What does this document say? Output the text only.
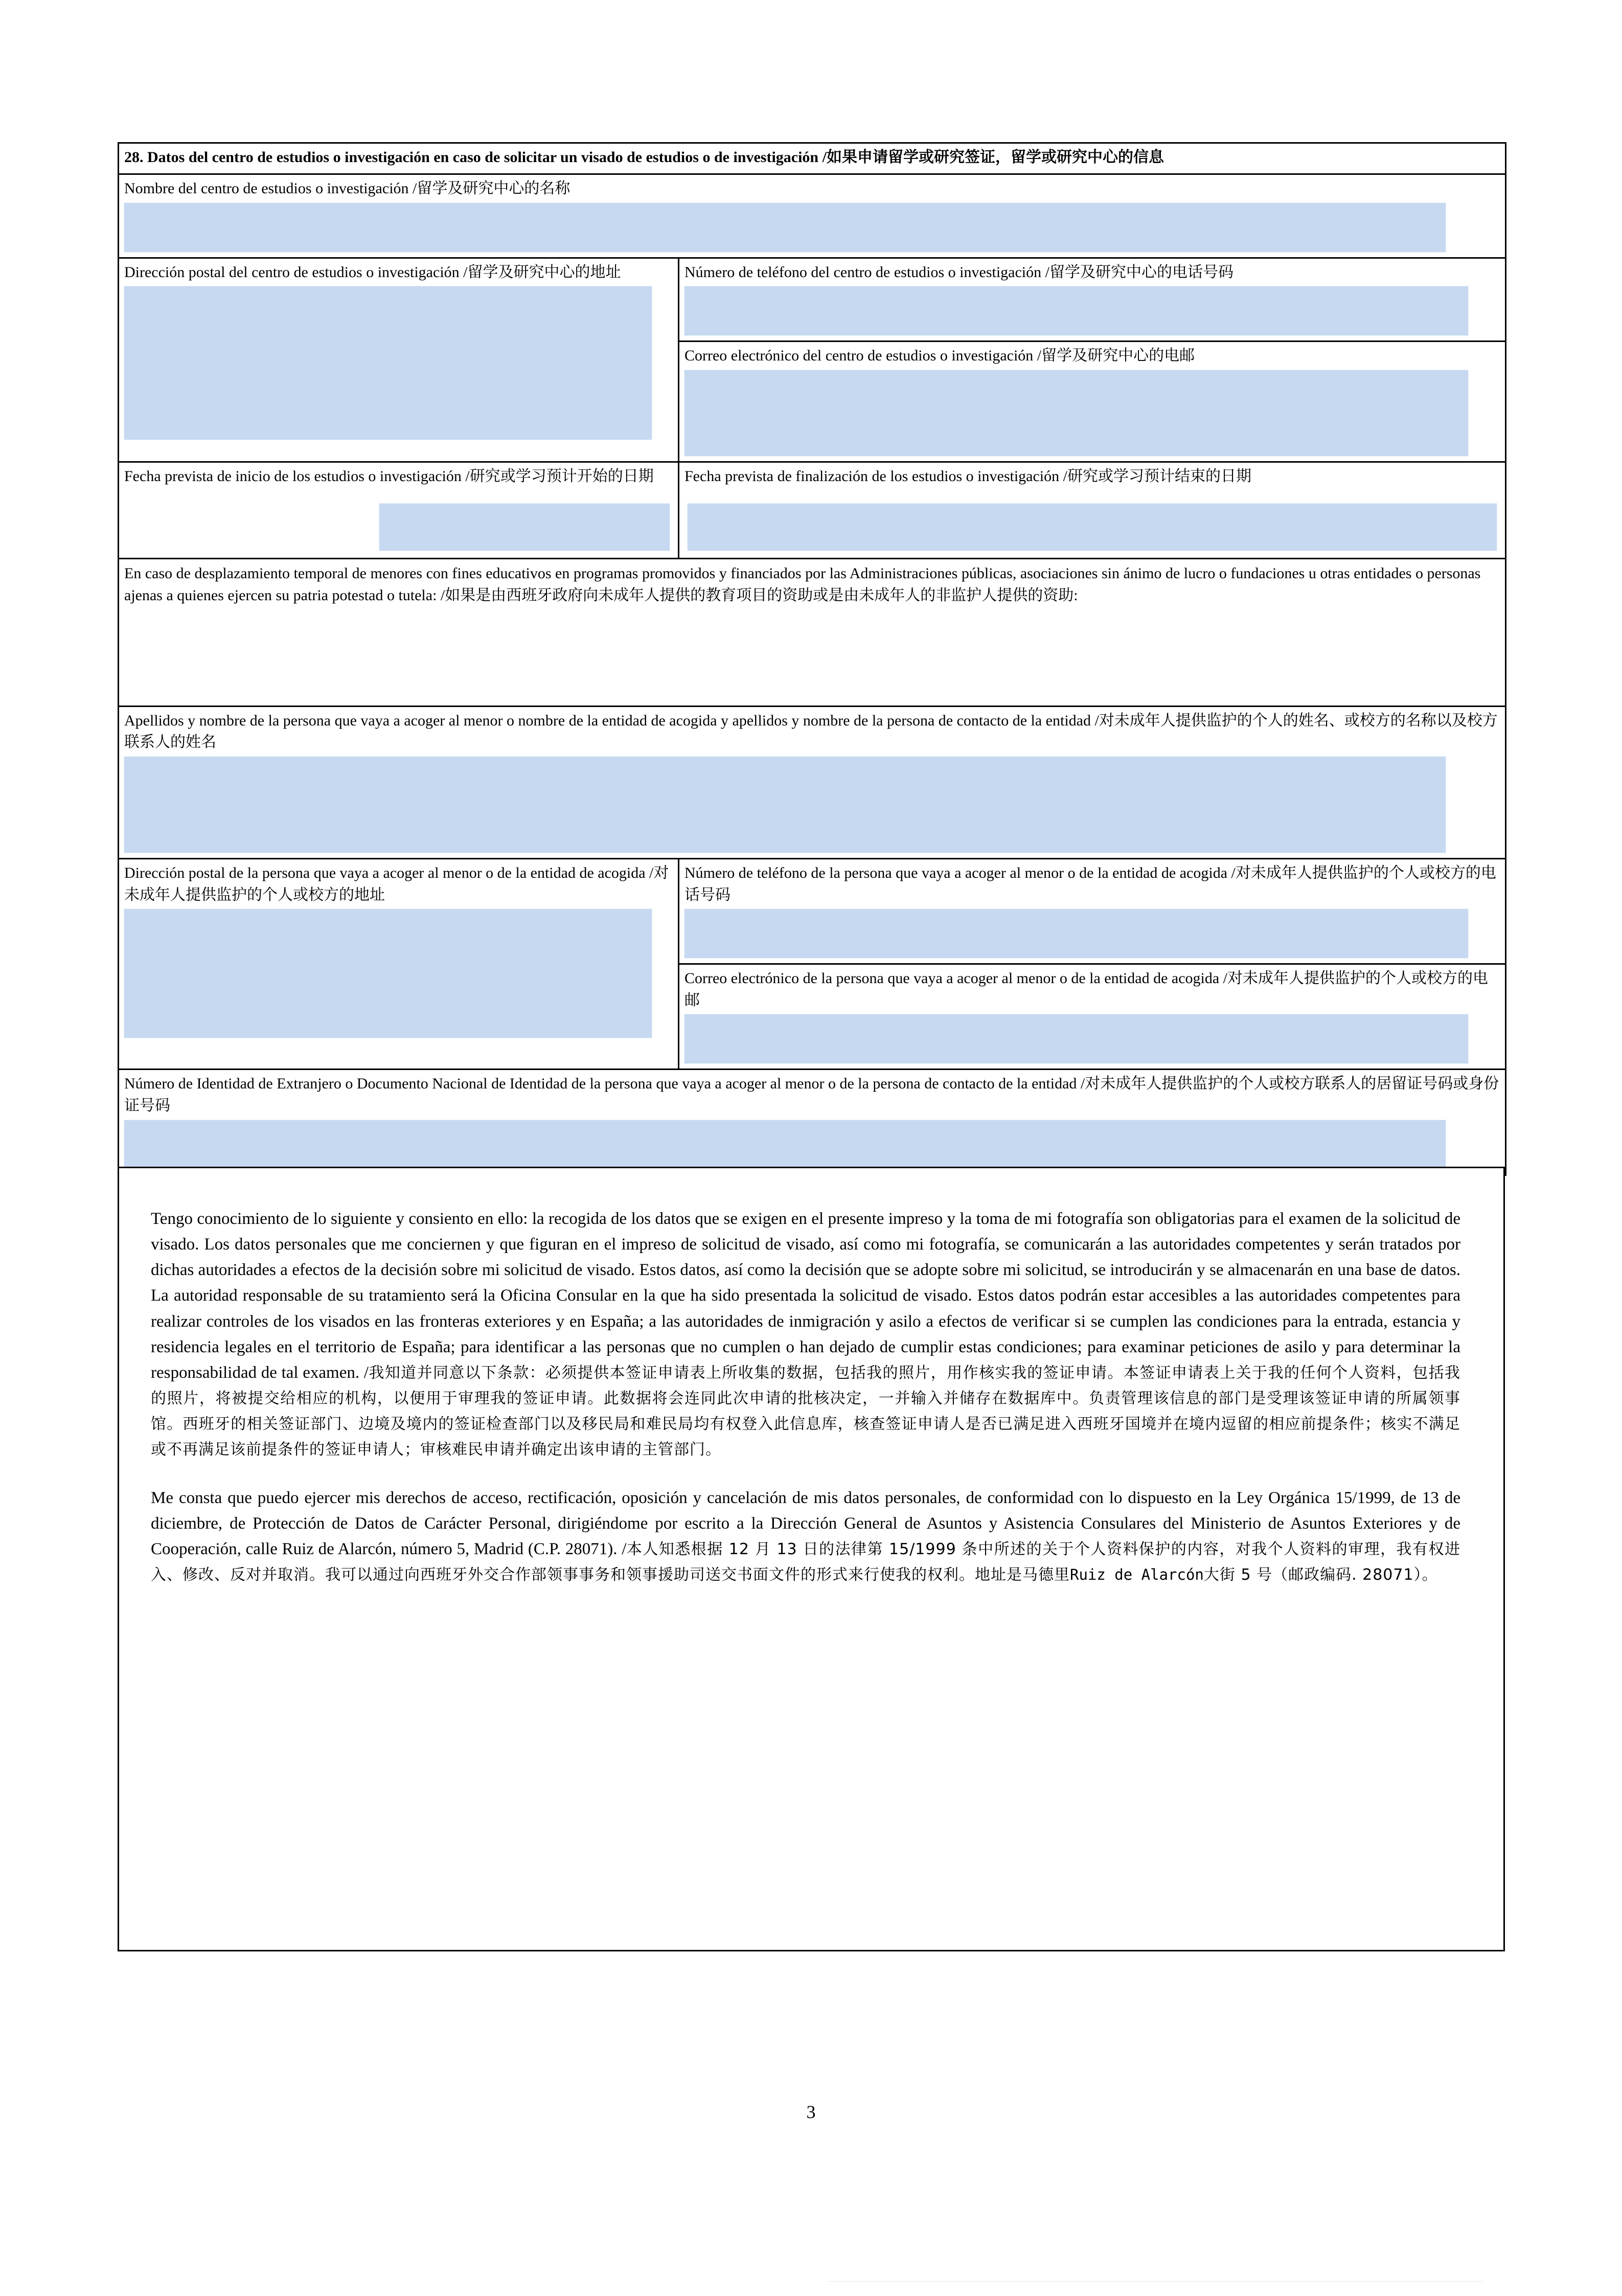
28. Datos del centro de estudios o investigación en caso de solicitar un visado de estudios o de investigación /如果申请留学或研究签证，留学或研究中心的信息	

Nombre del centro de estudios o investigación /留学及研究中心的名称	

Dirección postal del centro de estudios o investigación /留学及研究中心的地址	Número de teléfono del centro de estudios o investigación /留学及研究中心的电话号码

	Correo electrónico del centro de estudios o investigación /留学及研究中心的电邮

Fecha prevista de inicio de los estudios o investigación /研究或学习预计开始的日期	Fecha prevista de finalización de los estudios o investigación /研究或学习预计结束的日期

En caso de desplazamiento temporal de menores con fines educativos en programas promovidos y financiados por las Administraciones públicas, asociaciones sin ánimo de lucro o fundaciones u otras entidades o personas ajenas a quienes ejercen su patria potestad o tutela: /如果是由西班牙政府向未成年人提供的教育项目的资助或是由未成年人的非监护人提供的资助:	

Apellidos y nombre de la persona que vaya a acoger al menor o nombre de la entidad de acogida y apellidos y nombre de la persona de contacto de la entidad /对未成年人提供监护的个人的姓名、或校方的名称以及校方联系人的姓名	

Dirección postal de la persona que vaya a acoger al menor o de la entidad de acogida /对未成年人提供监护的个人或校方的地址	Número de teléfono de la persona que vaya a acoger al menor o de la entidad de acogida /对未成年人提供监护的个人或校方的电话号码

	Correo electrónico de la persona que vaya a acoger al menor o de la entidad de acogida /对未成年人提供监护的个人或校方的电邮

Número de Identidad de Extranjero o Documento Nacional de Identidad de la persona que vaya a acoger al menor o de la persona de contacto de la entidad /对未成年人提供监护的个人或校方联系人的居留证号码或身份证号码	

Tengo conocimiento de lo siguiente y consiento en ello: la recogida de los datos que se exigen en el presente impreso y la toma de mi fotografía son obligatorias para el examen de la solicitud de visado. Los datos personales que me conciernen y que figuran en el impreso de solicitud de visado, así como mi fotografía, se comunicarán a las autoridades competentes y serán tratados por dichas autoridades a efectos de la decisión sobre mi solicitud de visado. Estos datos, así como la decisión que se adopte sobre mi solicitud, se introducirán y se almacenarán en una base de datos. La autoridad responsable de su tratamiento será la Oficina Consular en la que ha sido presentada la solicitud de visado. Estos datos podrán estar accesibles a las autoridades competentes para realizar controles de los visados en las fronteras exteriores y en España; a las autoridades de inmigración y asilo a efectos de verificar si se cumplen las condiciones para la entrada, estancia y residencia legales en el territorio de España; para identificar a las personas que no cumplen o han dejado de cumplir estas condiciones; para examinar peticiones de asilo y para determinar la responsabilidad de tal examen. /我知道并同意以下条款：必须提供本签证申请表上所收集的数据，包括我的照片，用作核实我的签证申请。本签证申请表上关于我的任何个人资料，包括我的照片，将被提交给相应的机构，以便用于审理我的签证申请。此数据将会连同此次申请的批核决定，一并输入并储存在数据库中。负责管理该信息的部门是受理该签证申请的所属领事馆。西班牙的相关签证部门、边境及境内的签证检查部门以及移民局和难民局均有权登入此信息库，核查签证申请人是否已满足进入西班牙国境并在境内逗留的相应前提条件；核实不满足或不再满足该前提条件的签证申请人；审核难民申请并确定出该申请的主管部门。

Me consta que puedo ejercer mis derechos de acceso, rectificación, oposición y cancelación de mis datos personales, de conformidad con lo dispuesto en la Ley Orgánica 15/1999, de 13 de diciembre, de Protección de Datos de Carácter Personal, dirigiéndome por escrito a la Dirección General de Asuntos y Asistencia Consulares del Ministerio de Asuntos Exteriores y de Cooperación, calle Ruiz de Alarcón, número 5, Madrid (C.P. 28071). /本人知悉根据 12 月 13 日的法律第 15/1999 条中所述的关于个人资料保护的内容，对我个人资料的审理，我有权进入、修改、反对并取消。我可以通过向西班牙外交合作部领事事务和领事援助司送交书面文件的形式来行使我的权利。地址是马德里Ruiz de Alarcón大街 5 号（邮政编码. 28071）。

3
